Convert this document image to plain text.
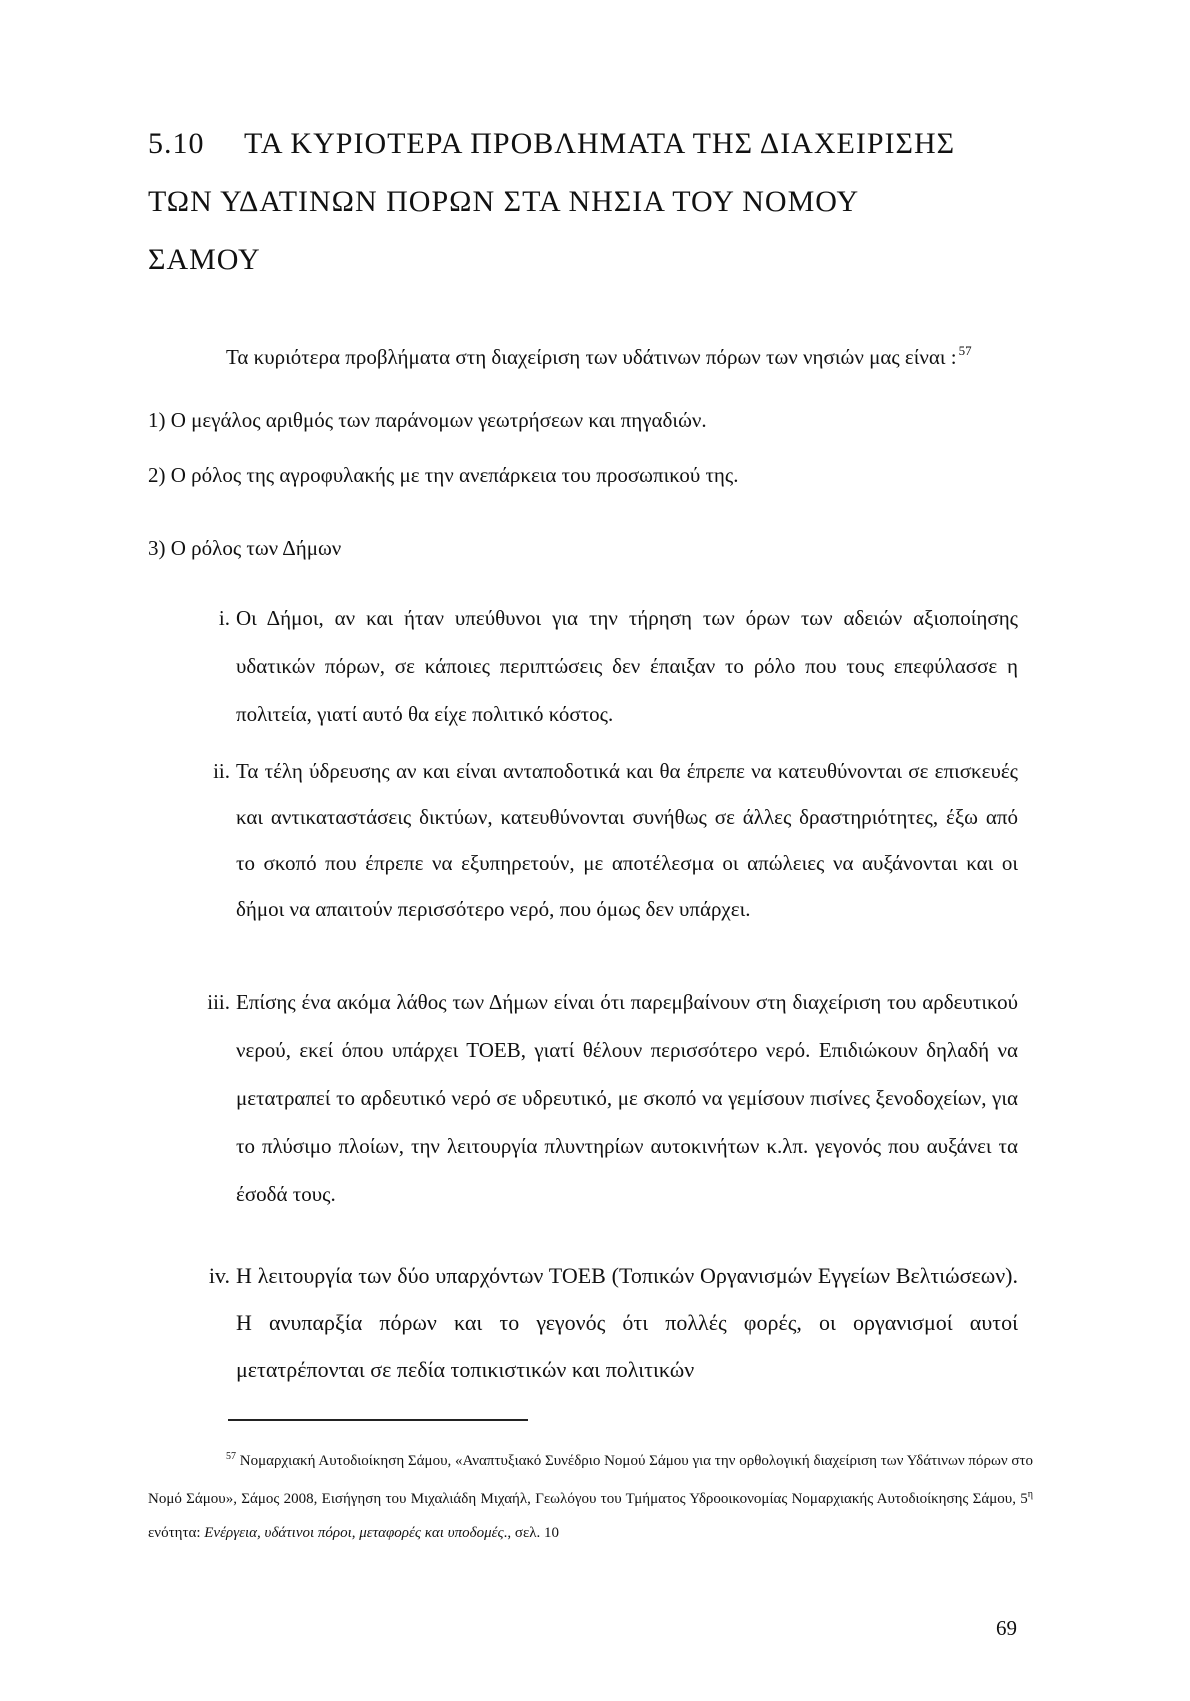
5.10 ΤΑ ΚΥΡΙΟΤΕΡΑ ΠΡΟΒΛΗΜΑΤΑ ΤΗΣ ΔΙΑΧΕΙΡΙΣΗΣ
ΤΩΝ ΥΔΑΤΙΝΩΝ ΠΟΡΩΝ ΣΤΑ ΝΗΣΙΑ ΤΟΥ ΝΟΜΟΥ
ΣΑΜΟΥ
Τα κυριότερα προβλήματα στη διαχείριση των υδάτινων πόρων των νησιών μας είναι : $^{57}$
1) Ο μεγάλος αριθμός των παράνομων γεωτρήσεων και πηγαδιών.
2) Ο ρόλος της αγροφυλακής με την ανεπάρκεια του προσωπικού της.
3) Ο ρόλος των Δήμων
i. Οι Δήμοι, αν και ήταν υπεύθυνοι για την τήρηση των όρων των αδειών αξιοποίησης υδατικών πόρων, σε κάποιες περιπτώσεις δεν έπαιξαν το ρόλο που τους επεφύλασσε η πολιτεία, γιατί αυτό θα είχε πολιτικό κόστος.
ii. Τα τέλη ύδρευσης αν και είναι ανταποδοτικά και θα έπρεπε να κατευθύνονται σε επισκευές και αντικαταστάσεις δικτύων, κατευθύνονται συνήθως σε άλλες δραστηριότητες, έξω από το σκοπό που έπρεπε να εξυπηρετούν, με αποτέλεσμα οι απώλειες να αυξάνονται και οι δήμοι να απαιτούν περισσότερο νερό, που όμως δεν υπάρχει.
iii. Επίσης ένα ακόμα λάθος των Δήμων είναι ότι παρεμβαίνουν στη διαχείριση του αρδευτικού νερού, εκεί όπου υπάρχει ΤΟΕΒ, γιατί θέλουν περισσότερο νερό. Επιδιώκουν δηλαδή να μετατραπεί το αρδευτικό νερό σε υδρευτικό, με σκοπό να γεμίσουν πισίνες ξενοδοχείων, για το πλύσιμο πλοίων, την λειτουργία πλυντηρίων αυτοκινήτων κ.λπ. γεγονός που αυξάνει τα έσοδά τους.
iv. Η λειτουργία των δύο υπαρχόντων ΤΟΕΒ (Τοπικών Οργανισμών Εγγείων Βελτιώσεων). Η ανυπαρξία πόρων και το γεγονός ότι πολλές φορές, οι οργανισμοί αυτοί μετατρέπονται σε πεδία τοπικιστικών και πολιτικών
$^{57}$ Νομαρχιακή Αυτοδιοίκηση Σάμου, «Αναπτυξιακό Συνέδριο Νομού Σάμου για την ορθολογική διαχείριση των Υδάτινων πόρων στο Νομό Σάμου», Σάμος 2008, Εισήγηση του Μιχαλιάδη Μιχαήλ, Γεωλόγου του Τμήματος Υδροοικονομίας Νομαρχιακής Αυτοδιοίκησης Σάμου, $5^\eta$ ενότητα: Ενέργεια, υδάτινοι πόροι, μεταφορές και υποδομές., σελ. 10
69
